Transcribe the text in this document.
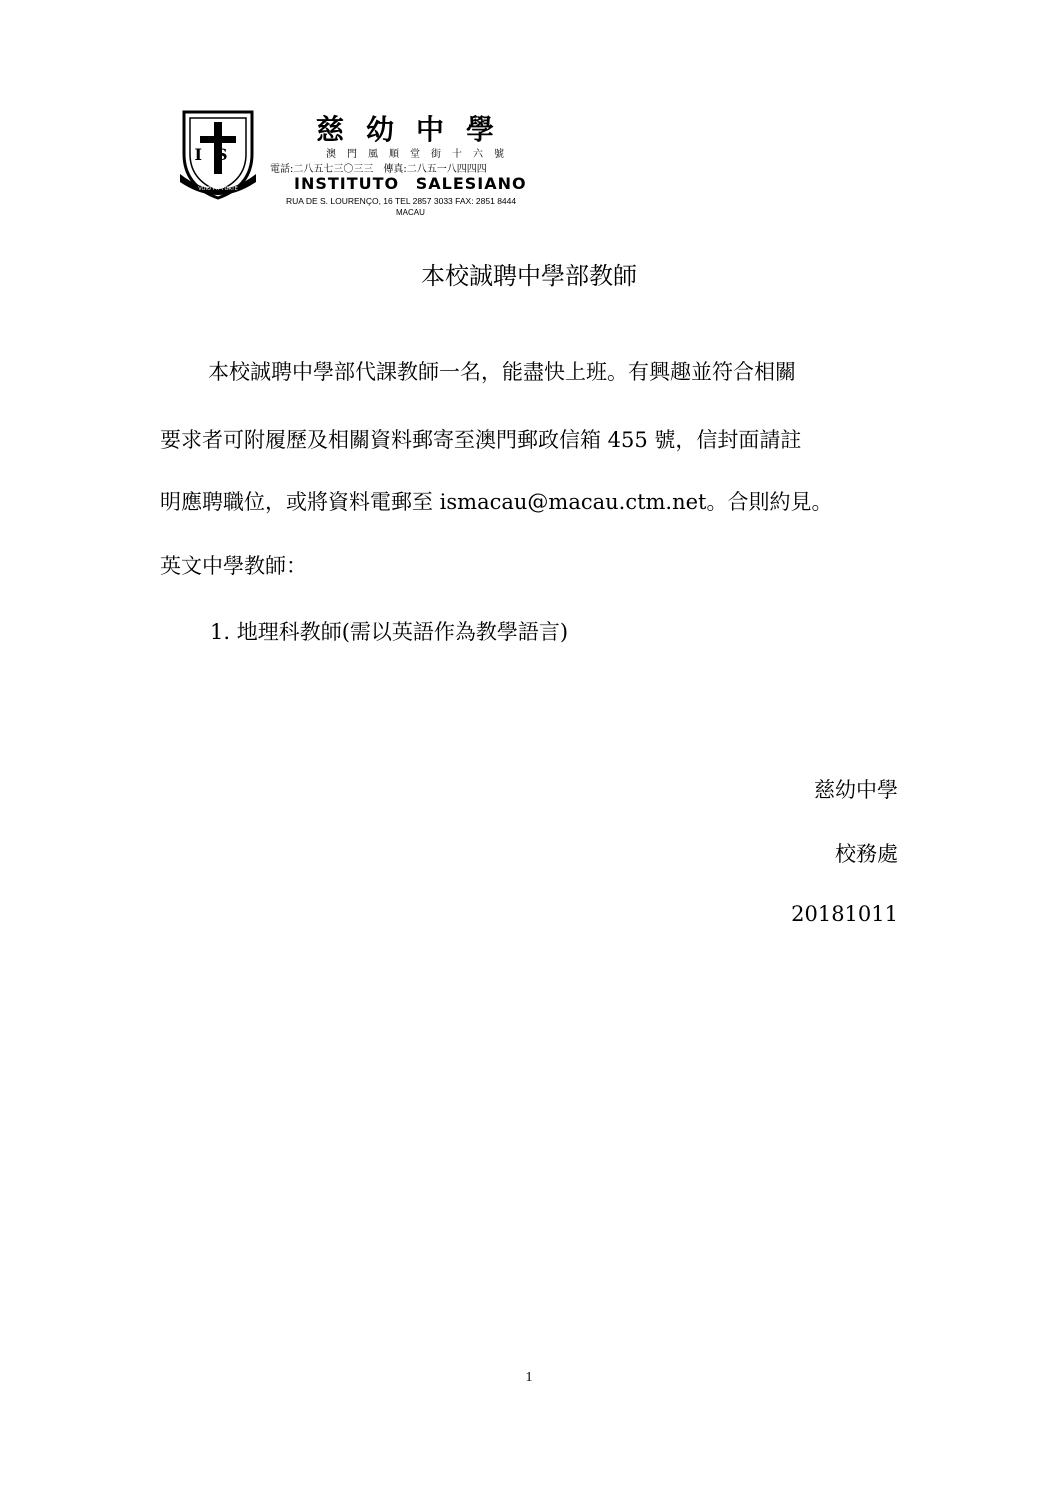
IS
VOIO PIT FORTE
慈幼中學
澳門風順堂街十六號
電話:二八五七三〇三三　傳真:二八五一八四四四
INSTITUTO SALESIANO
RUA DE S. LOURENÇO, 16 TEL 2857 3033 FAX: 2851 8444
MACAU
本校誠聘中學部教師
本校誠聘中學部代課教師一名，能盡快上班。有興趣並符合相關
要求者可附履歷及相關資料郵寄至澳門郵政信箱 455 號，信封面請註
明應聘職位，或將資料電郵至 ismacau@macau.ctm.net。合則約見。
英文中學教師：
1. 地理科教師(需以英語作為教學語言)
慈幼中學
校務處
20181011
1
